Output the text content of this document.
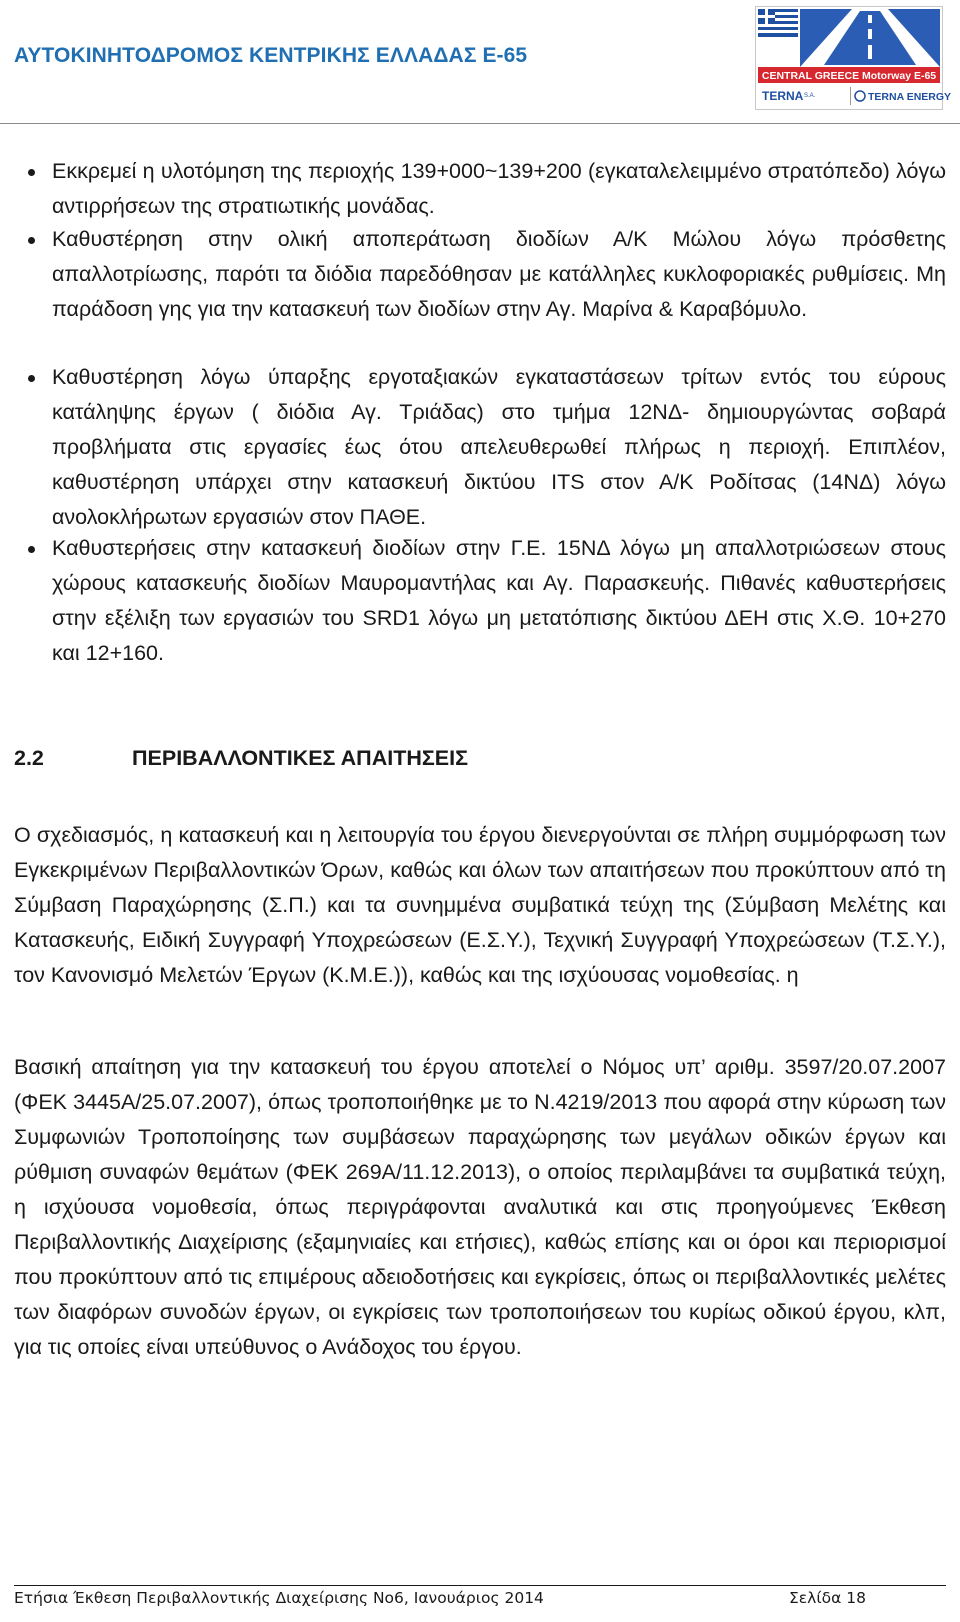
ΑΥΤΟΚΙΝΗΤΟΔΡΟΜΟΣ ΚΕΝΤΡΙΚΗΣ ΕΛΛΑΔΑΣ Ε-65
CENTRAL GREECE Motorway E-65
TERNA S.A.	TERNA ENERGY
Εκκρεμεί η υλοτόμηση της περιοχής 139+000~139+200 (εγκαταλελειμμένο στρατόπεδο) λόγω αντιρρήσεων της στρατιωτικής μονάδας.
Καθυστέρηση στην ολική αποπεράτωση διοδίων Α/Κ Μώλου λόγω πρόσθετης απαλλοτρίωσης, παρότι τα διόδια παρεδόθησαν με κατάλληλες κυκλοφοριακές ρυθμίσεις. Μη παράδοση γης για την κατασκευή των διοδίων στην Αγ. Μαρίνα & Καραβόμυλο.
Καθυστέρηση λόγω ύπαρξης εργοταξιακών εγκαταστάσεων τρίτων εντός του εύρους κατάληψης έργων ( διόδια Αγ. Τριάδας) στο τμήμα 12ΝΔ- δημιουργώντας σοβαρά προβλήματα στις εργασίες έως ότου απελευθερωθεί πλήρως η περιοχή. Επιπλέον, καθυστέρηση υπάρχει στην κατασκευή δικτύου ITS στον Α/Κ Ροδίτσας (14ΝΔ) λόγω ανολοκλήρωτων εργασιών στον ΠΑΘΕ.
Καθυστερήσεις στην κατασκευή διοδίων στην Γ.Ε. 15ΝΔ λόγω μη απαλλοτριώσεων στους χώρους κατασκευής διοδίων Μαυρομαντήλας και Αγ. Παρασκευής. Πιθανές καθυστερήσεις στην εξέλιξη των εργασιών του SRD1 λόγω μη μετατόπισης δικτύου ΔΕΗ στις Χ.Θ. 10+270 και 12+160.
2.2	ΠΕΡΙΒΑΛΛΟΝΤΙΚΕΣ ΑΠΑΙΤΗΣΕΙΣ

Ο σχεδιασμός, η κατασκευή και η λειτουργία του έργου διενεργούνται σε πλήρη συμμόρφωση των Εγκεκριμένων Περιβαλλοντικών Όρων, καθώς και όλων των απαιτήσεων που προκύπτουν από τη Σύμβαση Παραχώρησης (Σ.Π.) και τα συνημμένα συμβατικά τεύχη της (Σύμβαση Μελέτης και Κατασκευής, Ειδική Συγγραφή Υποχρεώσεων (Ε.Σ.Υ.), Τεχνική Συγγραφή Υποχρεώσεων (Τ.Σ.Υ.), τον Κανονισμό Μελετών Έργων (Κ.Μ.Ε.)), καθώς και της ισχύουσας νομοθεσίας. η

Βασική απαίτηση για την κατασκευή του έργου αποτελεί ο Νόμος υπ’ αριθμ. 3597/20.07.2007 (ΦΕΚ 3445Α/25.07.2007), όπως τροποποιήθηκε με το Ν.4219/2013 που αφορά στην κύρωση των Συμφωνιών Τροποποίησης των συμβάσεων παραχώρησης των μεγάλων οδικών έργων και ρύθμιση συναφών θεμάτων (ΦΕΚ 269Α/11.12.2013), ο οποίος περιλαμβάνει τα συμβατικά τεύχη, η ισχύουσα νομοθεσία, όπως περιγράφονται αναλυτικά και στις προηγούμενες Έκθεση Περιβαλλοντικής Διαχείρισης (εξαμηνιαίες και ετήσιες), καθώς επίσης και οι όροι και περιορισμοί που προκύπτουν από τις επιμέρους αδειοδοτήσεις και εγκρίσεις, όπως οι περιβαλλοντικές μελέτες των διαφόρων συνοδών έργων, οι εγκρίσεις των τροποποιήσεων του κυρίως οδικού έργου, κλπ, για τις οποίες είναι υπεύθυνος ο Ανάδοχος του έργου.

Ετήσια Έκθεση Περιβαλλοντικής Διαχείρισης Νο6, Ιανουάριος 2014	Σελίδα 18
